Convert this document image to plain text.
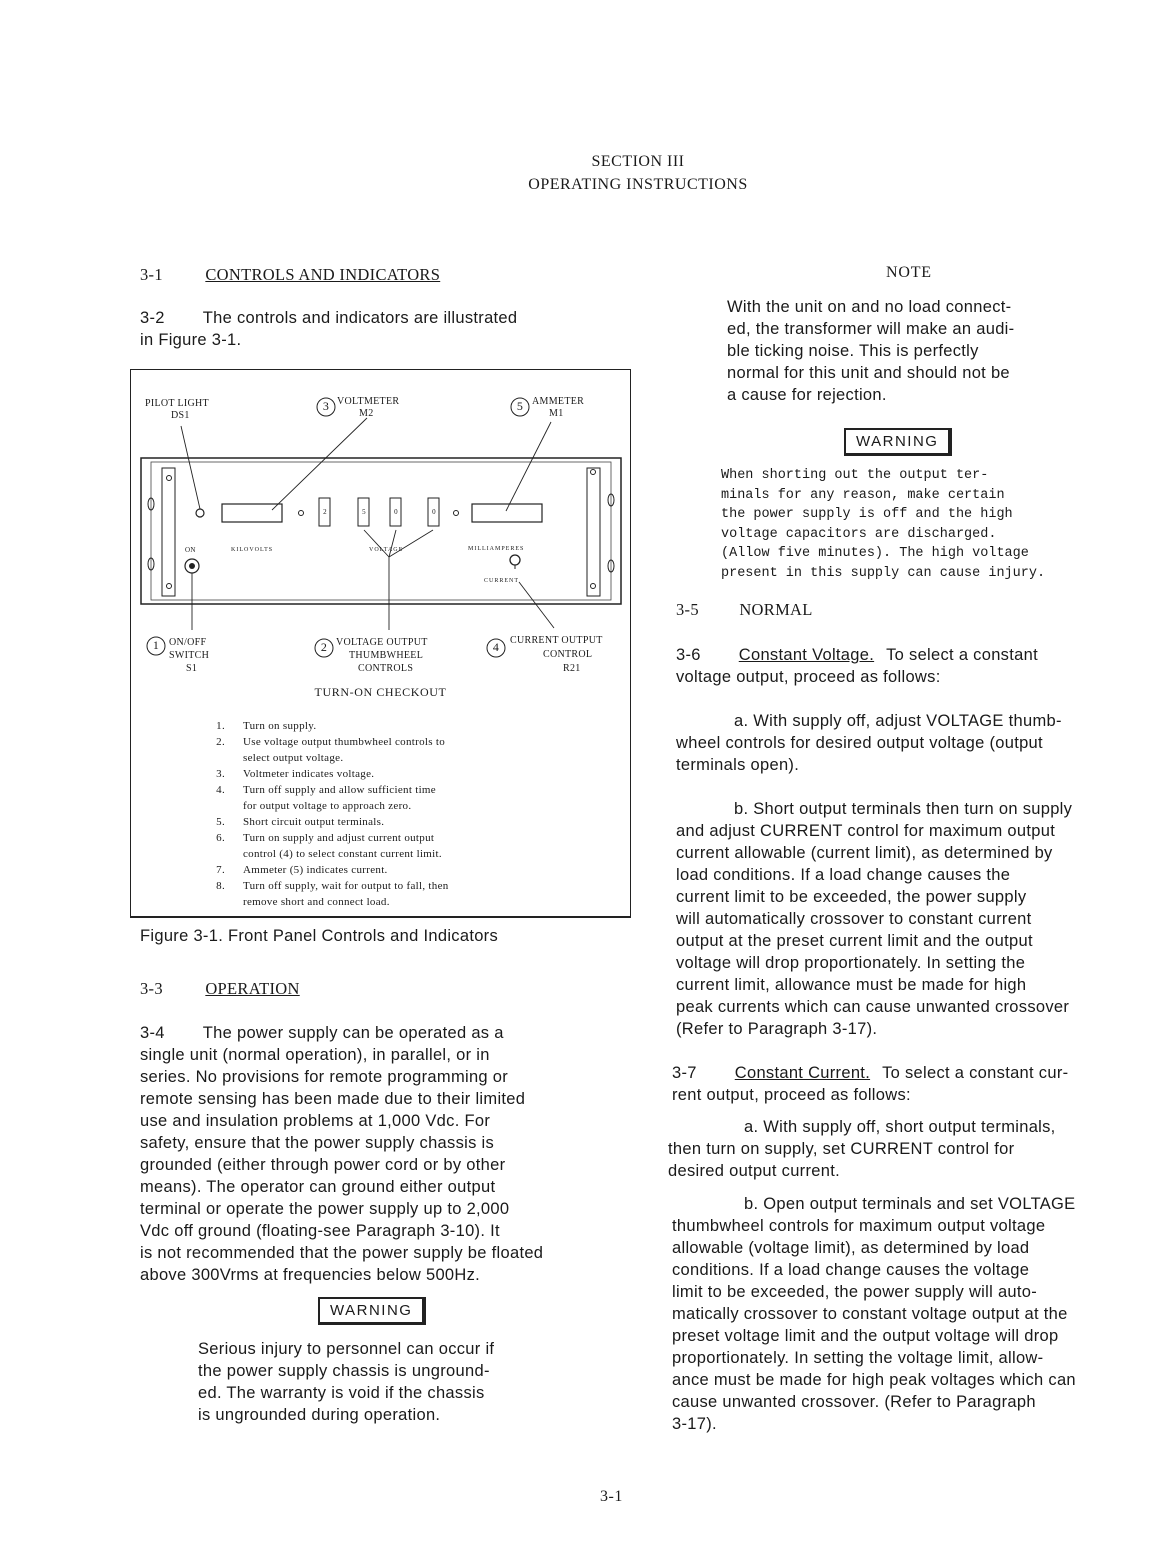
SECTION III
OPERATING INSTRUCTIONS
3-1	CONTROLS AND INDICATORS
3-2 The controls and indicators are illustrated
in Figure 3-1.
3	5
1	2	4
PILOT LIGHT
DS1
VOLTMETER
M2
AMMETER
M1
ON	KILOVOLTS	VOLTAGE	MILLIAMPERES
CURRENT
2	5	0	0
ON/OFF
SWITCH
S1
VOLTAGE OUTPUT
THUMBWHEEL
CONTROLS
CURRENT OUTPUT
CONTROL
R21
TURN-ON CHECKOUT
1. Turn on supply.
2. Use voltage output thumbwheel controls to
select output voltage.
3. Voltmeter indicates voltage.
4. Turn off supply and allow sufficient time
for output voltage to approach zero.
5. Short circuit output terminals.
6. Turn on supply and adjust current output
control (4) to select constant current limit.
7. Ammeter (5) indicates current.
8. Turn off supply, wait for output to fall, then
remove short and connect load.
Figure 3-1. Front Panel Controls and Indicators
3-3	OPERATION
3-4 The power supply can be operated as a
single unit (normal operation), in parallel, or in
series. No provisions for remote programming or
remote sensing has been made due to their limited
use and insulation problems at 1,000 Vdc. For
safety, ensure that the power supply chassis is
grounded (either through power cord or by other
means). The operator can ground either output
terminal or operate the power supply up to 2,000
Vdc off ground (floating-see Paragraph 3-10). It
is not recommended that the power supply be floated
above 300Vrms at frequencies below 500Hz.
WARNING
Serious injury to personnel can occur if
the power supply chassis is unground-
ed. The warranty is void if the chassis
is ungrounded during operation.
NOTE
With the unit on and no load connect-
ed, the transformer will make an audi-
ble ticking noise. This is perfectly
normal for this unit and should not be
a cause for rejection.
WARNING
When shorting out the output ter-
minals for any reason, make certain
the power supply is off and the high
voltage capacitors are discharged.
(Allow five minutes). The high voltage
present in this supply can cause injury.
3-5 NORMAL
3-6 Constant Voltage. To select a constant
voltage output, proceed as follows:
a. With supply off, adjust VOLTAGE thumb-
wheel controls for desired output voltage (output
terminals open).
b. Short output terminals then turn on supply
and adjust CURRENT control for maximum output
current allowable (current limit), as determined by
load conditions. If a load change causes the
current limit to be exceeded, the power supply
will automatically crossover to constant current
output at the preset current limit and the output
voltage will drop proportionately. In setting the
current limit, allowance must be made for high
peak currents which can cause unwanted crossover
(Refer to Paragraph 3-17).
3-7 Constant Current. To select a constant cur-
rent output, proceed as follows:
a. With supply off, short output terminals,
then turn on supply, set CURRENT control for
desired output current.
b. Open output terminals and set VOLTAGE
thumbwheel controls for maximum output voltage
allowable (voltage limit), as determined by load
conditions. If a load change causes the voltage
limit to be exceeded, the power supply will auto-
matically crossover to constant voltage output at the
preset voltage limit and the output voltage will drop
proportionately. In setting the voltage limit, allow-
ance must be made for high peak voltages which can
cause unwanted crossover. (Refer to Paragraph
3-17).
3-1
